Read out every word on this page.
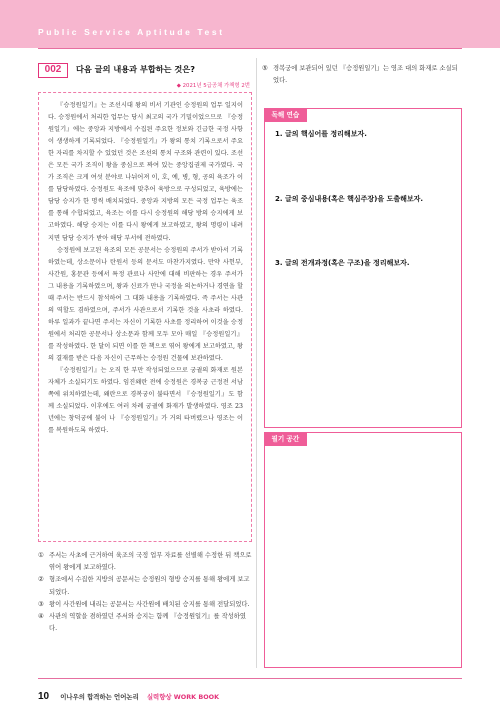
Public Service Aptitude Test
002	다음 글의 내용과 부합하는 것은?
◆ 2021년 5급공채 가책형 2번

『승정원일기』는 조선시대 왕의 비서 기관인 승정원의 업무 일지이다. 승정원에서 처리한 업무는 당시 최고의 국가 기밀이었으므로 『승정원일기』에는 중앙과 지방에서 수집된 주요한 정보와 긴급한 국정 사항이 생생하게 기록되었다. 『승정원일기』가 왕의 통치 기록으로서 주요한 자리를 차지할 수 있었던 것은 조선의 통치 구조와 관련이 있다. 조선은 모든 국가 조직이 왕을 중심으로 짜여 있는 중앙집권제 국가였다. 국가 조직은 크게 여섯 분야로 나뉘어져 이, 호, 예, 병, 형, 공의 육조가 이를 담당하였다. 승정원도 육조에 맞추어 육방으로 구성되었고, 육방에는 담당 승지가 한 명씩 배치되었다. 중앙과 지방의 모든 국정 업무는 육조를 통해 수합되었고, 육조는 이를 다시 승정원의 해당 방의 승지에게 보고하였다. 해당 승지는 이를 다시 왕에게 보고하였고, 왕의 명령이 내려지면 담당 승지가 받아 해당 부서에 전하였다.

승정원에 보고된 육조의 모든 공문서는 승정원의 주서가 받아서 기록하였는데, 상소문이나 탄원서 등의 문서도 마찬가지였다. 만약 사헌부, 사간원, 홍문관 등에서 특정 관료나 사안에 대해 비판하는 경우 주서가 그 내용을 기록하였으며, 왕과 신료가 만나 국정을 의논하거나 경연을 할 때 주서는 반드시 참석하여 그 대화 내용을 기록하였다. 즉 주서는 사관의 역할도 겸하였으며, 주서가 사관으로서 기록한 것을 사초라 하였다. 하루 일과가 끝나면 주서는 자신이 기록한 사초를 정리하여 이것을 승정원에서 처리한 공문서나 상소문과 함께 모두 모아 매일 『승정원일기』를 작성하였다. 한 달이 되면 이를 한 책으로 엮어 왕에게 보고하였고, 왕의 결재를 받은 다음 자신이 근무하는 승정원 건물에 보관하였다.

『승정원일기』는 오직 한 부만 작성되었으므로 궁궐의 화재로 원본 자체가 소실되기도 하였다. 임진왜란 전에 승정원은 경복궁 근정전 서남쪽에 위치하였는데, 왜란으로 경복궁이 불타면서 『승정원일기』도 함께 소실되었다. 이후에도 여러 차례 궁궐에 화재가 발생하였다. 영조 23년에는 창덕궁에 불이 나 『승정원일기』가 거의 타버렸으나 영조는 이를 복원하도록 하였다.

① 주서는 사초에 근거하여 육조의 국정 업무 자료를 선별해 수정한 뒤 책으로 엮어 왕에게 보고하였다.
② 형조에서 수집한 지방의 공문서는 승정원의 형방 승지를 통해 왕에게 보고되었다.
③ 왕이 사간원에 내리는 공문서는 사간원에 배치된 승지를 통해 전달되었다.
④ 사관의 역할을 겸하였던 주서와 승지는 함께 『승정원일기』를 작성하였다.
⑤ 경복궁에 보관되어 있던 『승정원일기』는 영조 대의 화재로 소실되었다.
독해 연습
1. 글의 핵심어를 정리해보자.
2. 글의 중심내용(혹은 핵심주장)을 도출해보자.
3. 글의 전개과정(혹은 구조)을 정리해보자.
필기 공간
10 이나우의 합격하는 언어논리 실력향상 WORK BOOK
